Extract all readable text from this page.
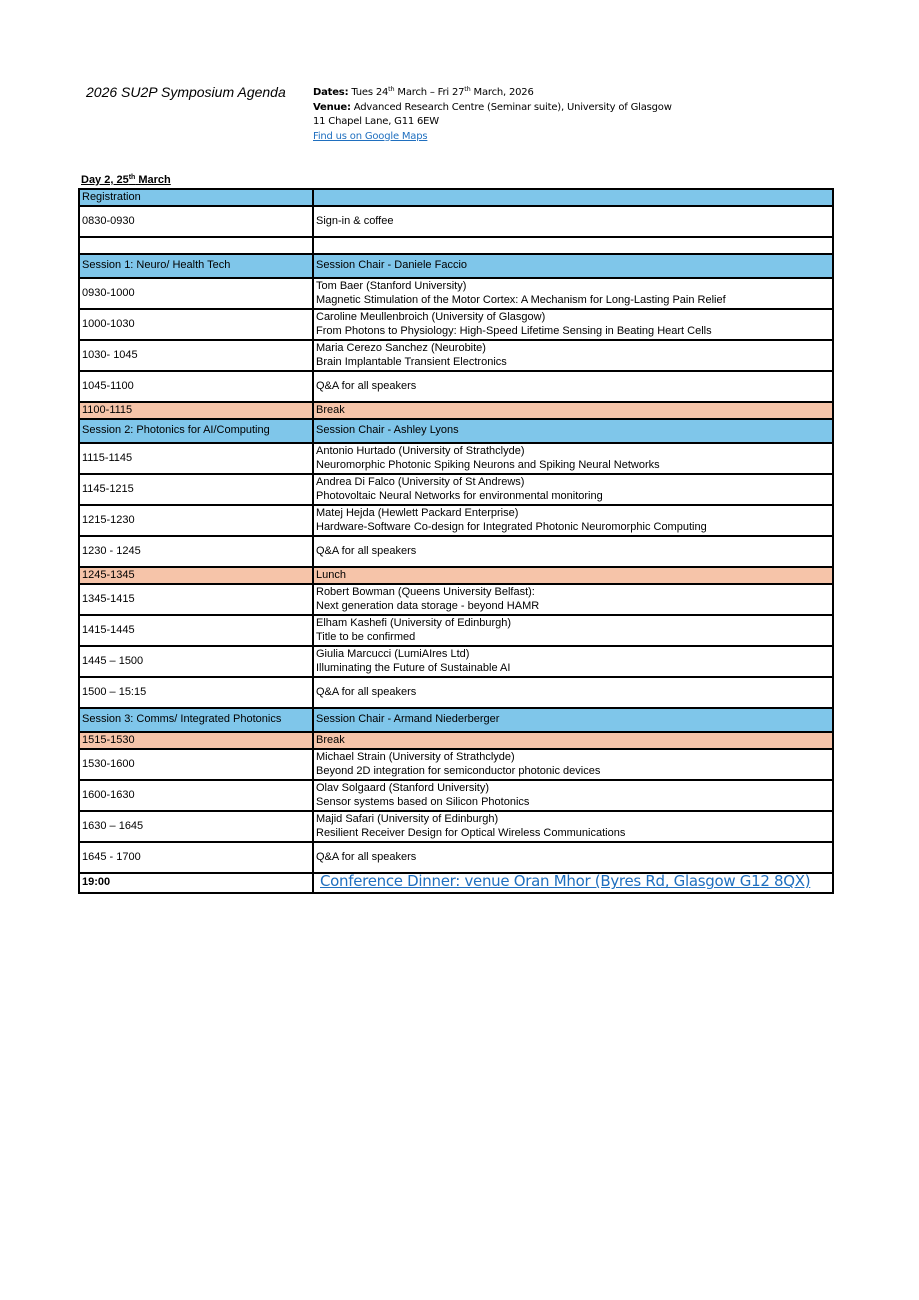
2026 SU2P Symposium Agenda	Dates: Tues 24th March – Fri 27th March, 2026
Venue: Advanced Research Centre (Seminar suite), University of Glasgow
11 Chapel Lane, G11 6EW
Find us on Google Maps
Day 2, 25th March
Registration	
0830-0930	Sign-in & coffee

Session 1: Neuro/ Health Tech	Session Chair - Daniele Faccio
0930-1000	Tom Baer (Stanford University)
Magnetic Stimulation of the Motor Cortex: A Mechanism for Long-Lasting Pain Relief

1000-1030	Caroline Meullenbroich (University of Glasgow)
From Photons to Physiology: High-Speed Lifetime Sensing in Beating Heart Cells

1030- 1045	Maria Cerezo Sanchez (Neurobite)
Brain Implantable Transient Electronics

1045-1100	Q&A for all speakers

1100-1115	Break
Session 2: Photonics for AI/Computing	Session Chair - Ashley Lyons
1115-1145	Antonio Hurtado (University of Strathclyde)
Neuromorphic Photonic Spiking Neurons and Spiking Neural Networks

1145-1215	Andrea Di Falco (University of St Andrews)
Photovoltaic Neural Networks for environmental monitoring

1215-1230	Matej Hejda (Hewlett Packard Enterprise)
Hardware-Software Co-design for Integrated Photonic Neuromorphic Computing

1230 - 1245	Q&A for all speakers

1245-1345	Lunch
1345-1415	Robert Bowman (Queens University Belfast):
Next generation data storage - beyond HAMR

1415-1445	Elham Kashefi (University of Edinburgh)
Title to be confirmed

1445 – 1500	Giulia Marcucci (LumiAIres Ltd)
Illuminating the Future of Sustainable AI

1500 – 15:15	Q&A for all speakers

Session 3: Comms/ Integrated Photonics	Session Chair - Armand Niederberger
1515-1530	Break
1530-1600	Michael Strain (University of Strathclyde)
Beyond 2D integration for semiconductor photonic devices

1600-1630	Olav Solgaard (Stanford University)
Sensor systems based on Silicon Photonics

1630 – 1645	Majid Safari (University of Edinburgh)
Resilient Receiver Design for Optical Wireless Communications

1645 - 1700	Q&A for all speakers

19:00	Conference Dinner: venue Oran Mhor (Byres Rd, Glasgow G12 8QX)
